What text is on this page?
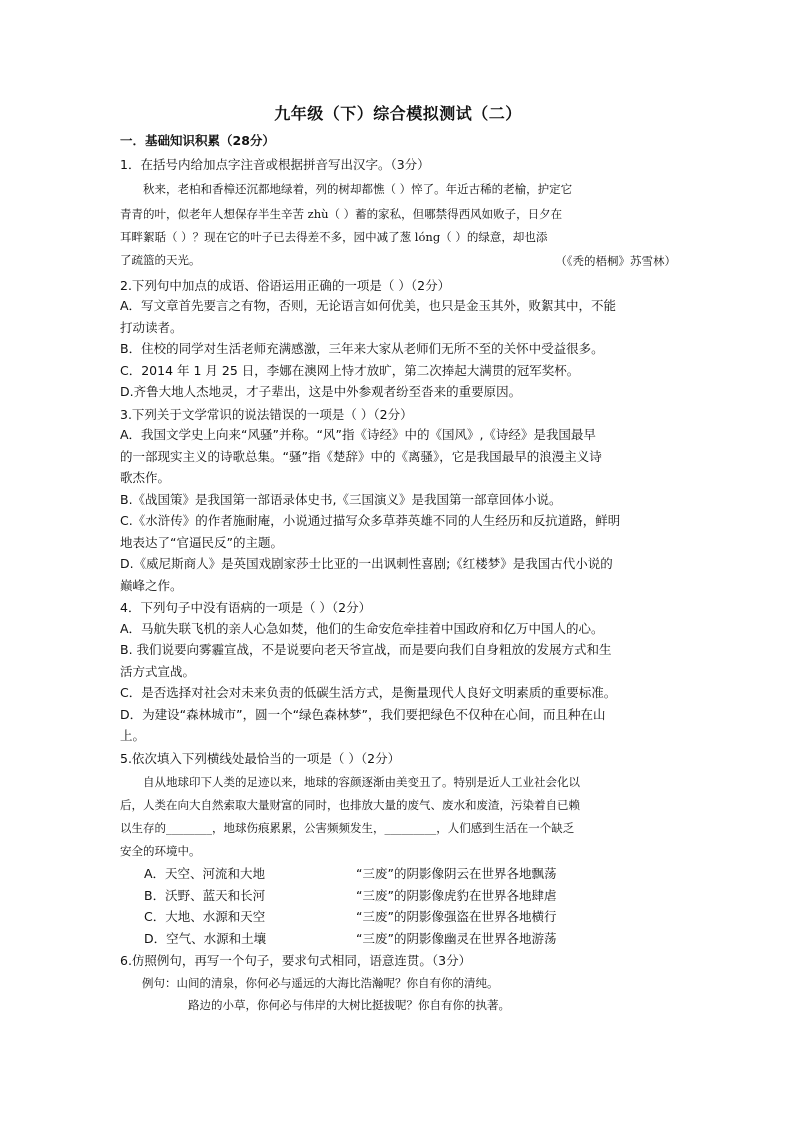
九年级（下）综合模拟测试（二）

一．基础知识积累（28分）

1．在括号内给加点字注音或根据拼音写出汉字。（3分）

秋来，老柏和香樟还沉都地绿着，列的树却都憔（ ）悴了。年近古稀的老榆，护定它

青青的叶，似老年人想保存半生辛苦 zhù（ ）蓄的家私，但哪禁得西风如败子，日夕在

耳畔絮聒（ ）？现在它的叶子已去得差不多，园中减了葱 lóng（ ）的绿意，却也添

了疏篮的天光。	（《秃的梧桐》苏雪林）

2.下列句中加点的成语、俗语运用正确的一项是（ ）（2分）

A．写文章首先要言之有物，否则，无论语言如何优美，也只是金玉其外，败絮其中，不能

打动读者。

B．住校的同学对生活老师充满感激，三年来大家从老师们无所不至的关怀中受益很多。

C．2014 年 1 月 25 日，李娜在澳网上恃才放旷，第二次捧起大满贯的冠军奖杯。

D.齐鲁大地人杰地灵，才子辈出，这是中外参观者纷至沓来的重要原因。

3.下列关于文学常识的说法错误的一项是（ ）（2分）

A．我国文学史上向来“风骚”并称。“风”指《诗经》中的《国风》,《诗经》是我国最早

的一部现实主义的诗歌总集。“骚”指《楚辞》中的《离骚》，它是我国最早的浪漫主义诗

歌杰作。

B.《战国策》是我国第一部语录体史书,《三国演义》是我国第一部章回体小说。

C.《水浒传》的作者施耐庵，小说通过描写众多草莽英雄不同的人生经历和反抗道路，鲜明

地表达了“官逼民反”的主题。

D.《威尼斯商人》是英国戏剧家莎士比亚的一出讽刺性喜剧;《红楼梦》是我国古代小说的

巅峰之作。

4．下列句子中没有语病的一项是（ ）（2分）

A．马航失联飞机的亲人心急如焚，他们的生命安危牵挂着中国政府和亿万中国人的心。

B. 我们说要向雾霾宣战，不是说要向老天爷宣战，而是要向我们自身粗放的发展方式和生

活方式宣战。

C．是否选择对社会对未来负责的低碳生活方式，是衡量现代人良好文明素质的重要标准。

D．为建设“森林城市”，圆一个“绿色森林梦”，我们要把绿色不仅种在心间，而且种在山

上。

5.依次填入下列横线处最恰当的一项是（ ）（2分）

自从地球印下人类的足迹以来，地球的容颜逐渐由美变丑了。特别是近人工业社会化以

后，人类在向大自然索取大量财富的同时，也排放大量的废气、废水和废渣，污染着自已赖

以生存的________，地球伤痕累累，公害频频发生，_________，人们感到生活在一个缺乏

安全的环境中。

A．天空、河流和大地	“三废”的阴影像阴云在世界各地飘荡
B．沃野、蓝天和长河	“三废”的阴影像虎豹在世界各地肆虐
C．大地、水源和天空	“三废”的阴影像强盗在世界各地横行
D．空气、水源和土壤	“三废”的阴影像幽灵在世界各地游荡

6.仿照例句，再写一个句子，要求句式相同，语意连贯。（3分）

例句：山间的清泉，你何必与遥远的大海比浩瀚呢？你自有你的清纯。

路边的小草，你何必与伟岸的大树比挺拔呢？你自有你的执著。
